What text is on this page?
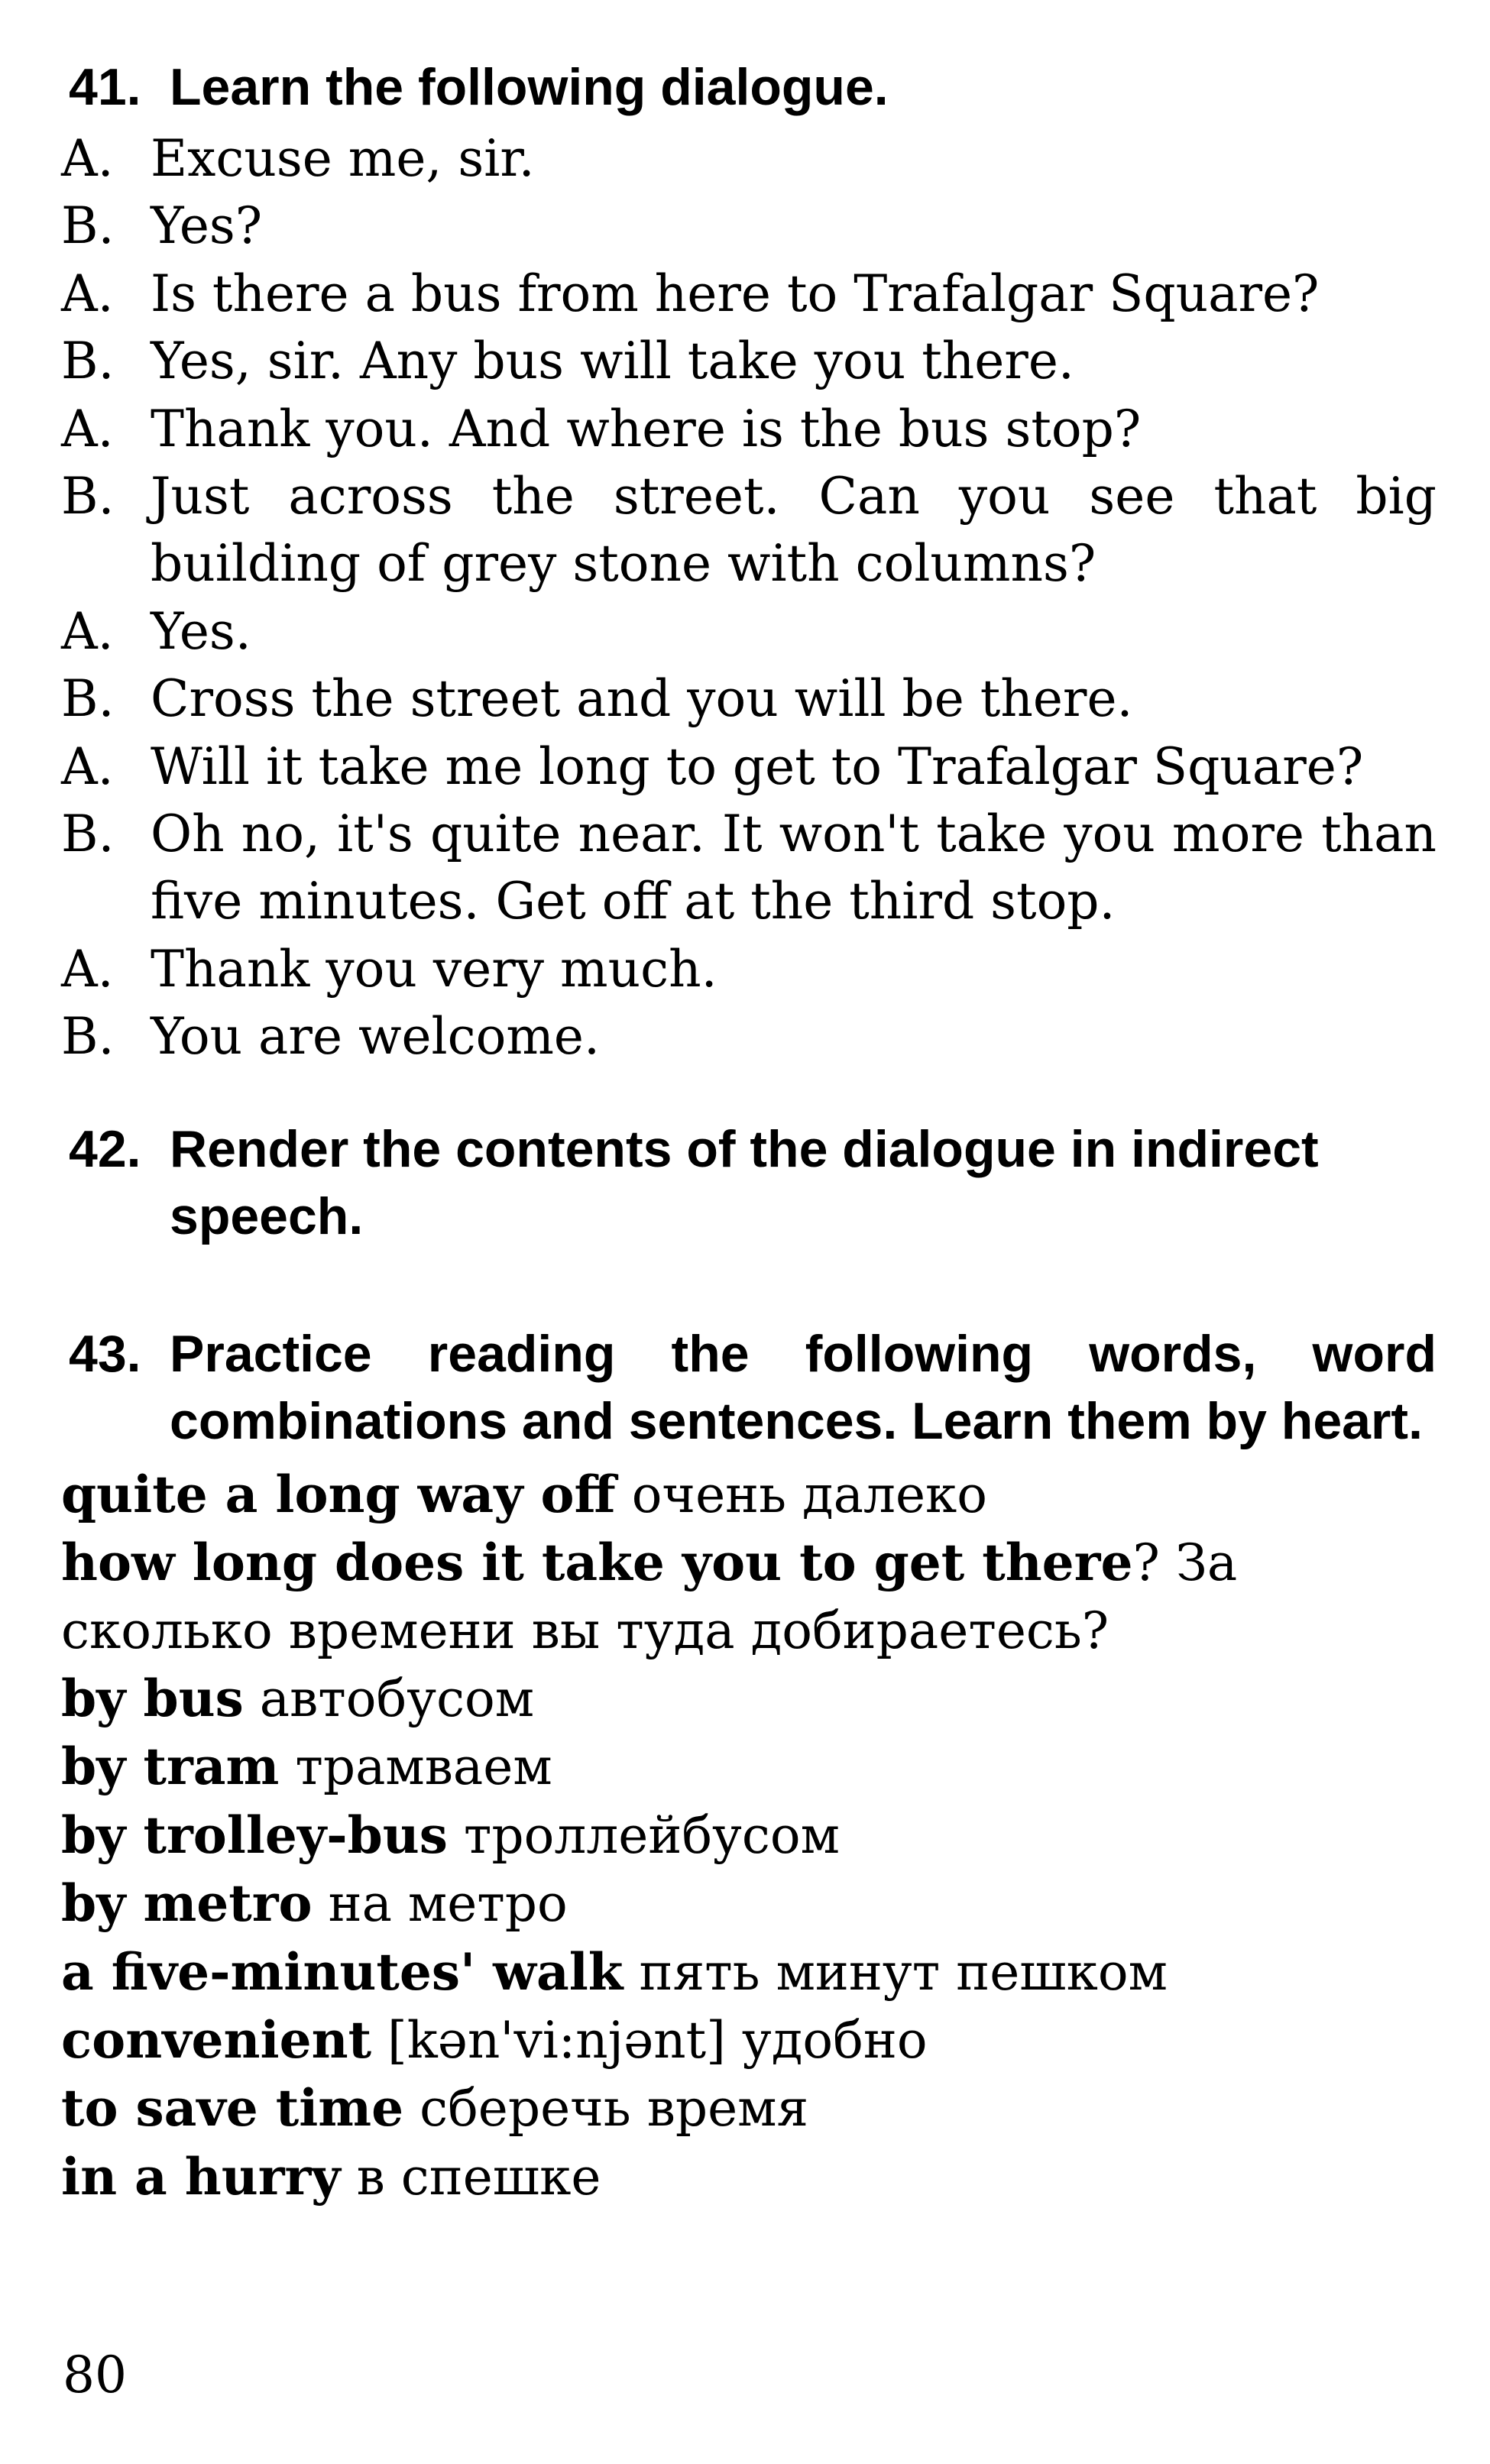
41. Learn the following dialogue.
A. Excuse me, sir.
B. Yes?
A. Is there a bus from here to Trafalgar Square?
B. Yes, sir. Any bus will take you there.
A. Thank you. And where is the bus stop?
B. Just across the street. Can you see that big building of grey stone with columns?
A. Yes.
B. Cross the street and you will be there.
A. Will it take me long to get to Trafalgar Square?
B. Oh no, it's quite near. It won't take you more than five minutes. Get off at the third stop.
A. Thank you very much.
B. You are welcome.
42. Render the contents of the dialogue in indirect speech.
43. Practice reading the following words, word combinations and sentences. Learn them by heart.
quite a long way off очень далеко
how long does it take you to get there? За сколько времени вы туда добираетесь?
by bus автобусом
by tram трамваем
by trolley-bus троллейбусом
by metro на метро
a five-minutes' walk пять минут пешком
convenient [kən'vi:njənt] удобно
to save time сберечь время
in a hurry в спешке
80
